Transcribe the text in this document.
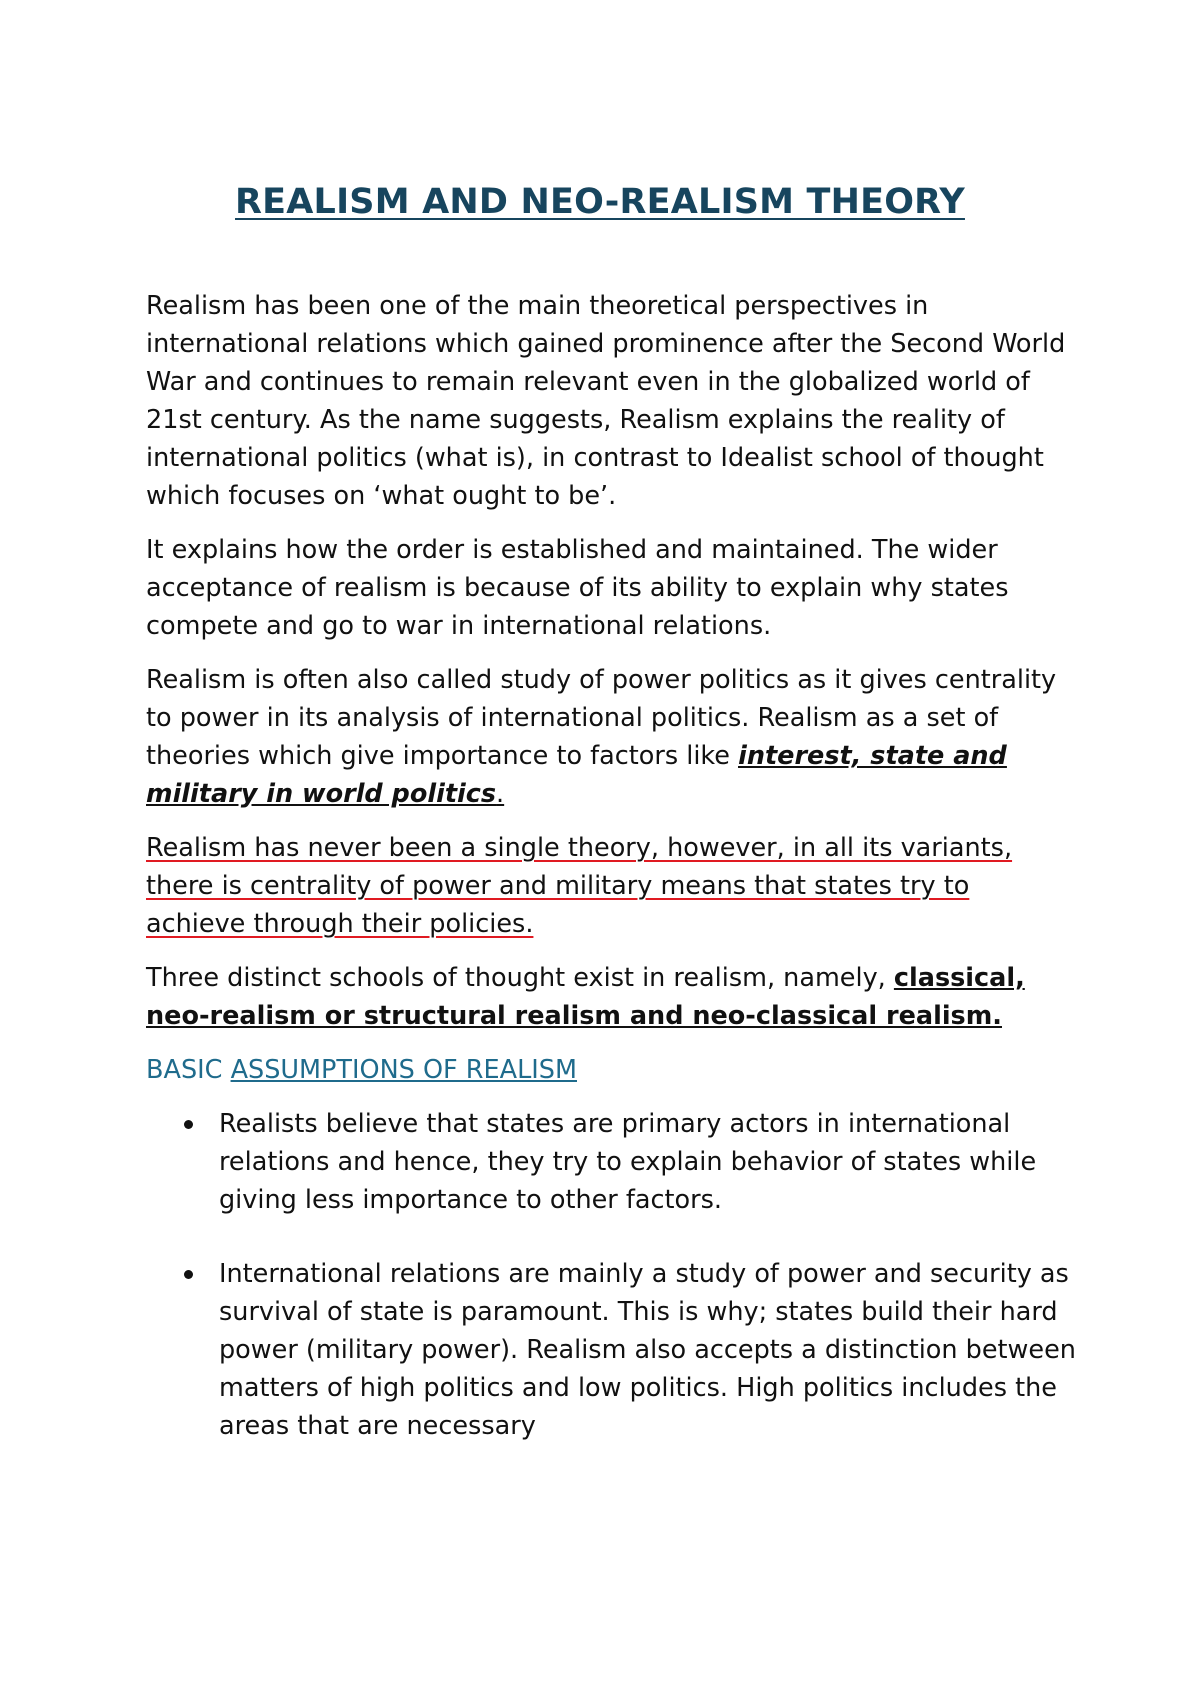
REALISM AND NEO-REALISM THEORY

Realism has been one of the main theoretical perspectives in international relations which gained prominence after the Second World War and continues to remain relevant even in the globalized world of 21st century. As the name suggests, Realism explains the reality of international politics (what is), in contrast to Idealist school of thought which focuses on ‘what ought to be’.

It explains how the order is established and maintained. The wider acceptance of realism is because of its ability to explain why states compete and go to war in international relations.

Realism is often also called study of power politics as it gives centrality to power in its analysis of international politics. Realism as a set of theories which give importance to factors like interest, state and military in world politics.

Realism has never been a single theory, however, in all its variants, there is centrality of power and military means that states try to achieve through their policies.

Three distinct schools of thought exist in realism, namely, classical, neo-realism or structural realism and neo-classical realism.

BASIC ASSUMPTIONS OF REALISM

Realists believe that states are primary actors in international relations and hence, they try to explain behavior of states while giving less importance to other factors.
International relations are mainly a study of power and security as survival of state is paramount. This is why; states build their hard power (military power). Realism also accepts a distinction between matters of high politics and low politics. High politics includes the areas that are necessary
